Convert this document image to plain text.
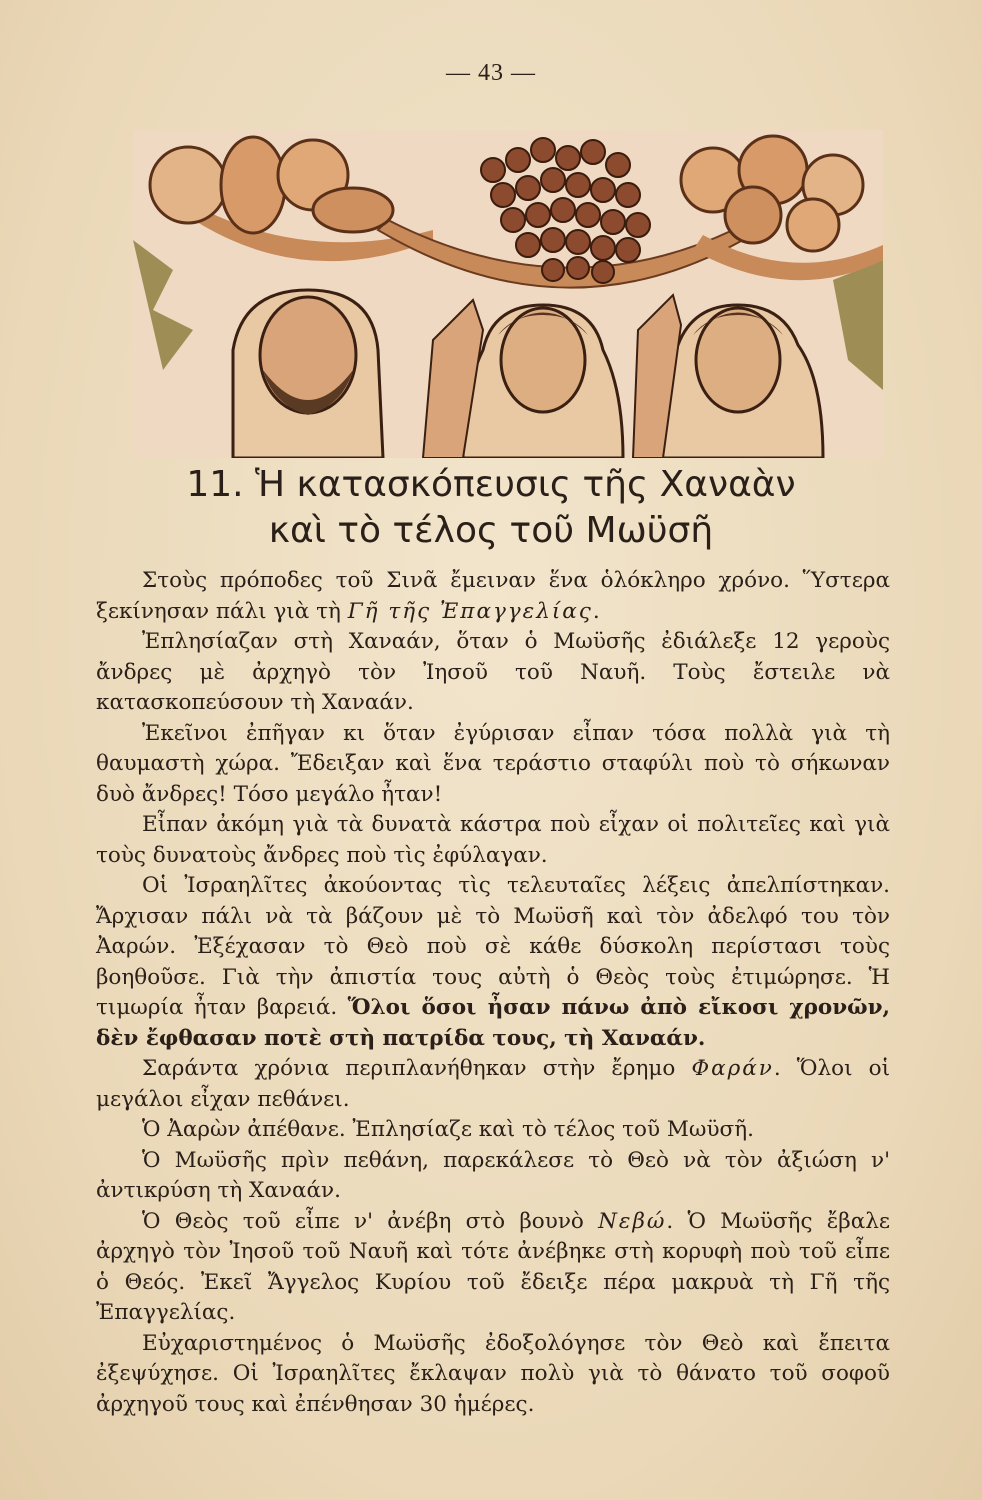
— 43 —
11. Ἡ κατασκόπευσις τῆς Χαναὰν
καὶ τὸ τέλος τοῦ Μωϋσῆ

Στοὺς πρόποδες τοῦ Σινᾶ ἔμειναν ἕνα ὁλόκληρο χρόνο. Ὕστερα ξεκίνησαν πάλι γιὰ τὴ Γῆ τῆς Ἐπαγγελίας.

Ἐπλησίαζαν στὴ Χαναάν, ὅταν ὁ Μωϋσῆς ἐδιάλεξε 12 γεροὺς ἄνδρες μὲ ἀρχηγὸ τὸν Ἰησοῦ τοῦ Ναυῆ. Τοὺς ἔστειλε νὰ κατασκοπεύσουν τὴ Χαναάν.

Ἐκεῖνοι ἐπῆγαν κι ὅταν ἐγύρισαν εἶπαν τόσα πολλὰ γιὰ τὴ θαυμαστὴ χώρα. Ἔδειξαν καὶ ἕνα τεράστιο σταφύλι ποὺ τὸ σήκωναν δυὸ ἄνδρες! Τόσο μεγάλο ἦταν!

Εἶπαν ἀκόμη γιὰ τὰ δυνατὰ κάστρα ποὺ εἶχαν οἱ πολιτεῖες καὶ γιὰ τοὺς δυνατοὺς ἄνδρες ποὺ τὶς ἐφύλαγαν.

Οἱ Ἰσραηλῖτες ἀκούοντας τὶς τελευταῖες λέξεις ἀπελπίστηκαν. Ἄρχισαν πάλι νὰ τὰ βάζουν μὲ τὸ Μωϋσῆ καὶ τὸν ἀδελφό του τὸν Ἀαρών. Ἐξέχασαν τὸ Θεὸ ποὺ σὲ κάθε δύσκολη περίστασι τοὺς βοηθοῦσε. Γιὰ τὴν ἀπιστία τους αὐτὴ ὁ Θεὸς τοὺς ἐτιμώρησε. Ἡ τιμωρία ἦταν βαρειά. Ὅλοι ὅσοι ἦσαν πάνω ἀπὸ εἴκοσι χρονῶν, δὲν ἔφθασαν ποτὲ στὴ πατρίδα τους, τὴ Χαναάν.

Σαράντα χρόνια περιπλανήθηκαν στὴν ἔρημο Φαράν. Ὅλοι οἱ μεγάλοι εἶχαν πεθάνει.

Ὁ Ἀαρὼν ἀπέθανε. Ἐπλησίαζε καὶ τὸ τέλος τοῦ Μωϋσῆ.

Ὁ Μωϋσῆς πρὶν πεθάνη, παρεκάλεσε τὸ Θεὸ νὰ τὸν ἀξιώση ν' ἀντικρύση τὴ Χαναάν.

Ὁ Θεὸς τοῦ εἶπε ν' ἀνέβη στὸ βουνὸ Νεβώ. Ὁ Μωϋσῆς ἔβαλε ἀρχηγὸ τὸν Ἰησοῦ τοῦ Ναυῆ καὶ τότε ἀνέβηκε στὴ κορυφὴ ποὺ τοῦ εἶπε ὁ Θεός. Ἐκεῖ Ἄγγελος Κυρίου τοῦ ἔδειξε πέρα μακρυὰ τὴ Γῆ τῆς Ἐπαγγελίας.

Εὐχαριστημένος ὁ Μωϋσῆς ἐδοξολόγησε τὸν Θεὸ καὶ ἔπειτα ἐξεψύχησε. Οἱ Ἰσραηλῖτες ἔκλαψαν πολὺ γιὰ τὸ θάνατο τοῦ σοφοῦ ἀρχηγοῦ τους καὶ ἐπένθησαν 30 ἡμέρες.
